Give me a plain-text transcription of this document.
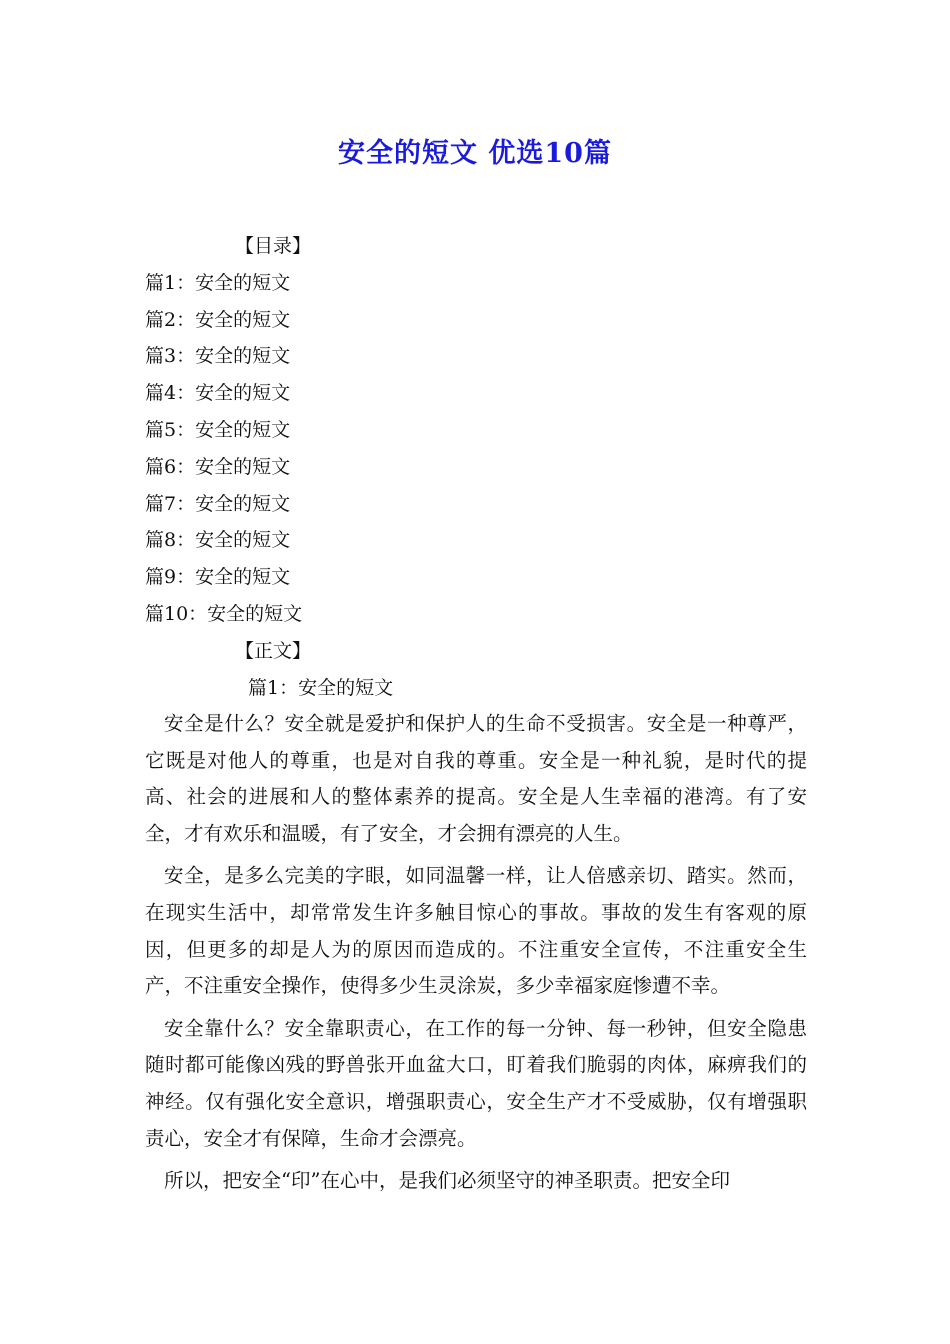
安全的短文 优选10篇
【目录】
篇1：安全的短文
篇2：安全的短文
篇3：安全的短文
篇4：安全的短文
篇5：安全的短文
篇6：安全的短文
篇7：安全的短文
篇8：安全的短文
篇9：安全的短文
篇10：安全的短文
【正文】
篇1：安全的短文

安全是什么？安全就是爱护和保护人的生命不受损害。安全是一种尊严，它既是对他人的尊重，也是对自我的尊重。安全是一种礼貌，是时代的提高、社会的进展和人的整体素养的提高。安全是人生幸福的港湾。有了安全，才有欢乐和温暖，有了安全，才会拥有漂亮的人生。

安全，是多么完美的字眼，如同温馨一样，让人倍感亲切、踏实。然而，在现实生活中，却常常发生许多触目惊心的事故。事故的发生有客观的原因，但更多的却是人为的原因而造成的。不注重安全宣传，不注重安全生产，不注重安全操作，使得多少生灵涂炭，多少幸福家庭惨遭不幸。

安全靠什么？安全靠职责心，在工作的每一分钟、每一秒钟，但安全隐患随时都可能像凶残的野兽张开血盆大口，盯着我们脆弱的肉体，麻痹我们的神经。仅有强化安全意识，增强职责心，安全生产才不受威胁，仅有增强职责心，安全才有保障，生命才会漂亮。

所以，把安全“印”在心中，是我们必须坚守的神圣职责。把安全印
